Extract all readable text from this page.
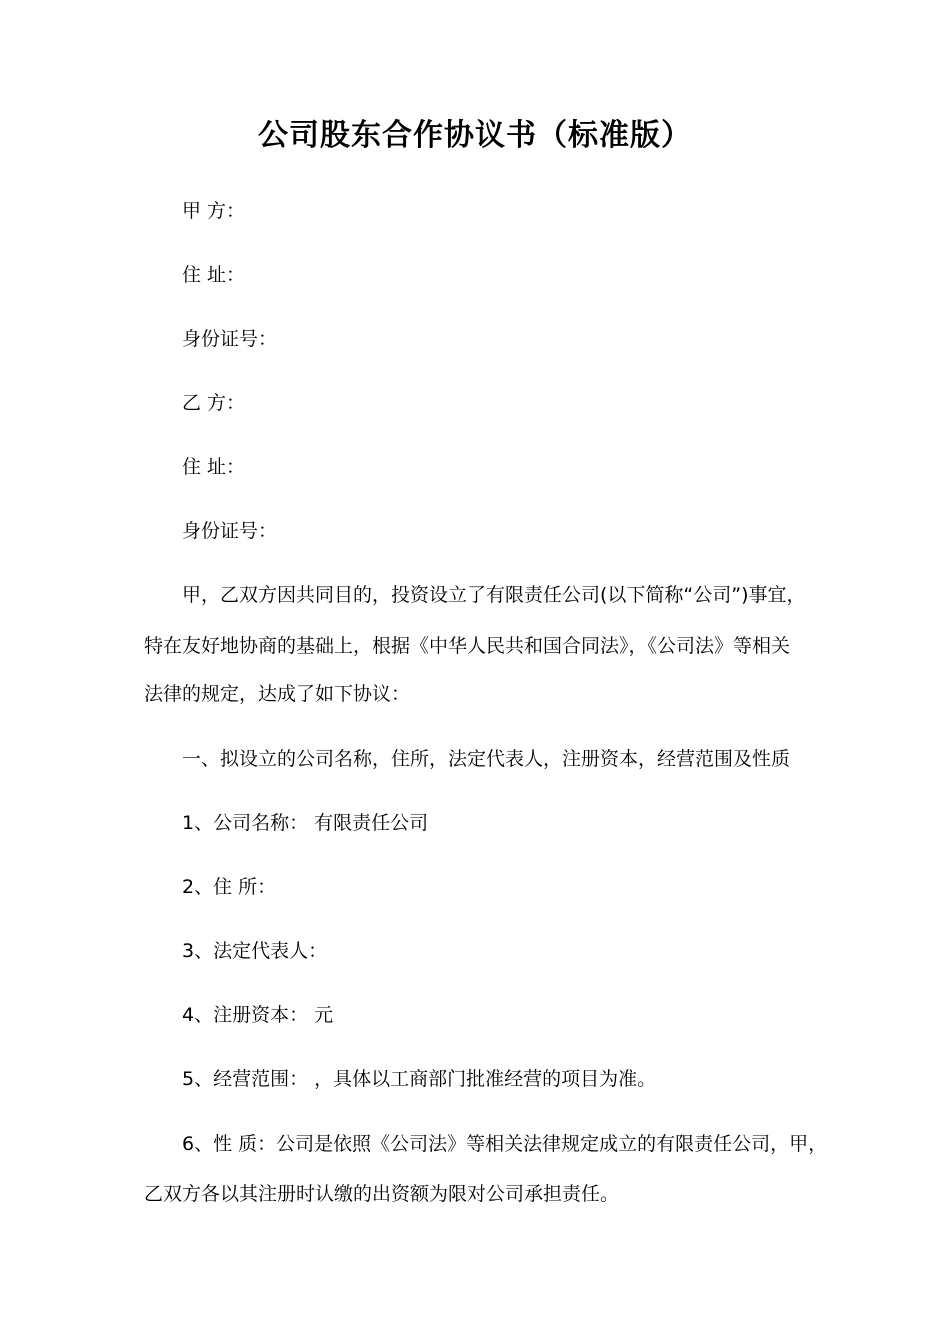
公司股东合作协议书（标准版）
甲 方：
住 址：
身份证号：
乙 方：
住 址：
身份证号：
甲，乙双方因共同目的，投资设立了有限责任公司(以下简称“公司”)事宜，
特在友好地协商的基础上，根据《中华人民共和国合同法》，《公司法》等相关
法律的规定，达成了如下协议：
一、拟设立的公司名称，住所，法定代表人，注册资本，经营范围及性质
1、公司名称： 有限责任公司
2、住 所：
3、法定代表人：
4、注册资本： 元
5、经营范围： ，具体以工商部门批准经营的项目为准。
6、性 质：公司是依照《公司法》等相关法律规定成立的有限责任公司，甲，
乙双方各以其注册时认缴的出资额为限对公司承担责任。
